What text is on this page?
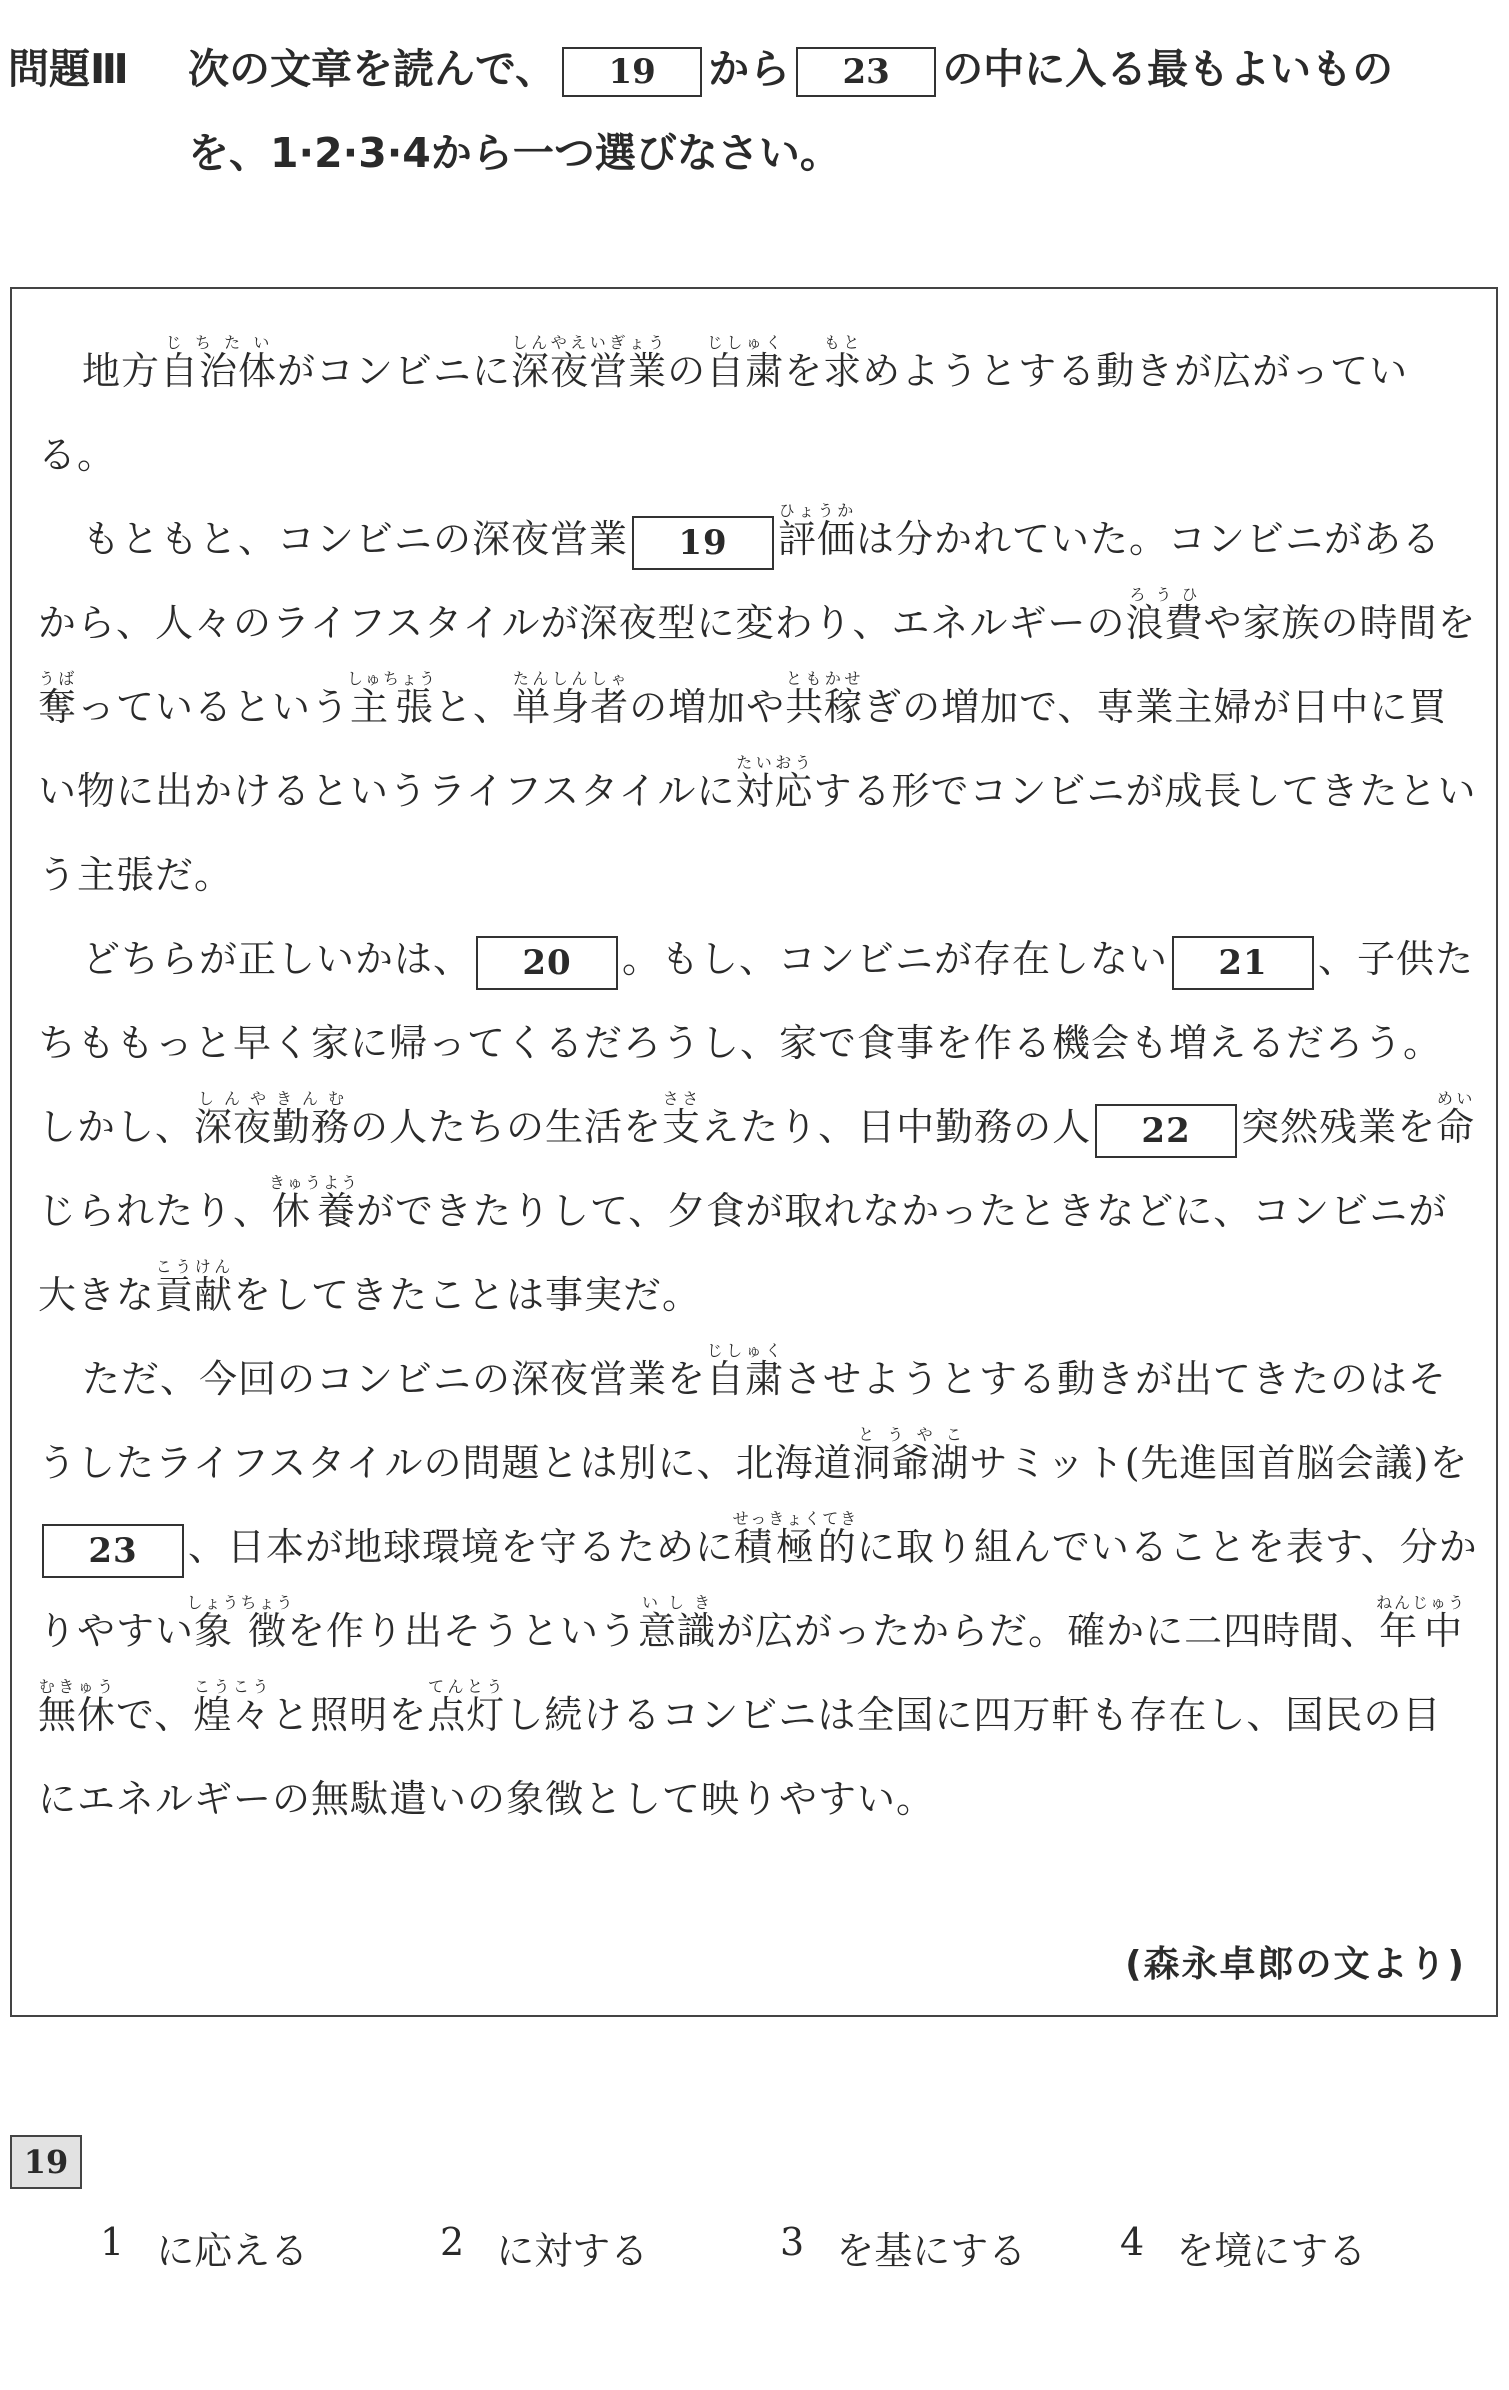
問題Ⅲ 次の文章を読んで、 19 から 23 の中に入る最もよいもの
を、1·2·3·4から一つ選びなさい。

地方自治体じちたいがコンビニに深夜営業しんやえいぎょうの自粛じしゅくを求もとめようとする動きが広がっている。

もともと、コンビニの深夜営業 19 評価ひょうかは分かれていた。コンビニがあるから、人々のライフスタイルが深夜型に変わり、エネルギーの浪費ろうひや家族の時間を奪うばっているという主張しゅちょうと、単身者たんしんしゃの増加や共稼ともかせぎの増加で、専業主婦が日中に買い物に出かけるというライフスタイルに対応たいおうする形でコンビニが成長してきたという主張だ。

どちらが正しいかは、 20 。もし、コンビニが存在しない 21 、子供たちももっと早く家に帰ってくるだろうし、家で食事を作る機会も増えるだろう。しかし、深夜勤務しんやきんむの人たちの生活を支ささえたり、日中勤務の人 22 突然残業を命めいじられたり、休養きゅうようができたりして、夕食が取れなかったときなどに、コンビニが大きな貢献こうけんをしてきたことは事実だ。

ただ、今回のコンビニの深夜営業を自粛じしゅくさせようとする動きが出てきたのはそうしたライフスタイルの問題とは別に、北海道洞爺湖とうやこサミット(先進国首脳会議)を23 、日本が地球環境を守るために積極的せっきょくてきに取り組んでいることを表す、分かりやすい象徴しょうちょうを作り出そうという意識いしきが広がったからだ。確かに二四時間、年中無休ねんじゅうむきゅうで、煌々こうこうと照明を点灯てんとうし続けるコンビニは全国に四万軒も存在し、国民の目にエネルギーの無駄遣いの象徴として映りやすい。

(森永卓郎の文より)
19
1 に応える	2 に対する	3 を基にする 4 を境にする
